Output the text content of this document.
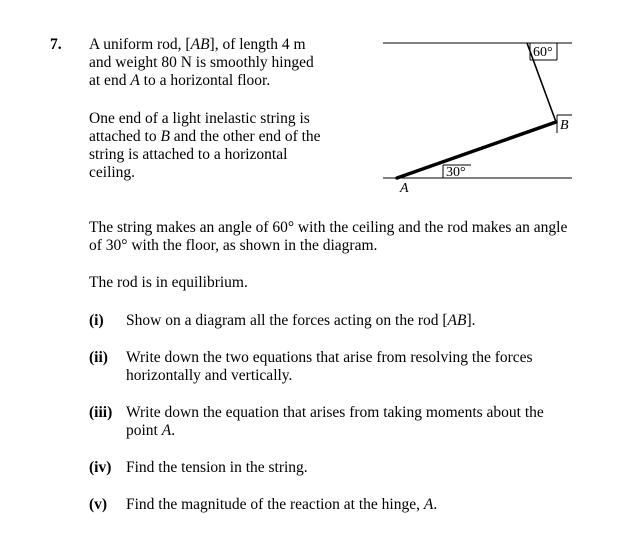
7. A uniform rod, [AB], of length 4 m
and weight 80 N is smoothly hinged
at end A to a horizontal floor.
One end of a light inelastic string is
attached to B and the other end of the
string is attached to a horizontal
ceiling.
60°
B
30°
A
The string makes an angle of 60° with the ceiling and the rod makes an angle
of 30° with the floor, as shown in the diagram.
The rod is in equilibrium.
(i) Show on a diagram all the forces acting on the rod [AB].
(ii) Write down the two equations that arise from resolving the forces
horizontally and vertically.
(iii) Write down the equation that arises from taking moments about the
point A.
(iv) Find the tension in the string.
(v) Find the magnitude of the reaction at the hinge, A.
